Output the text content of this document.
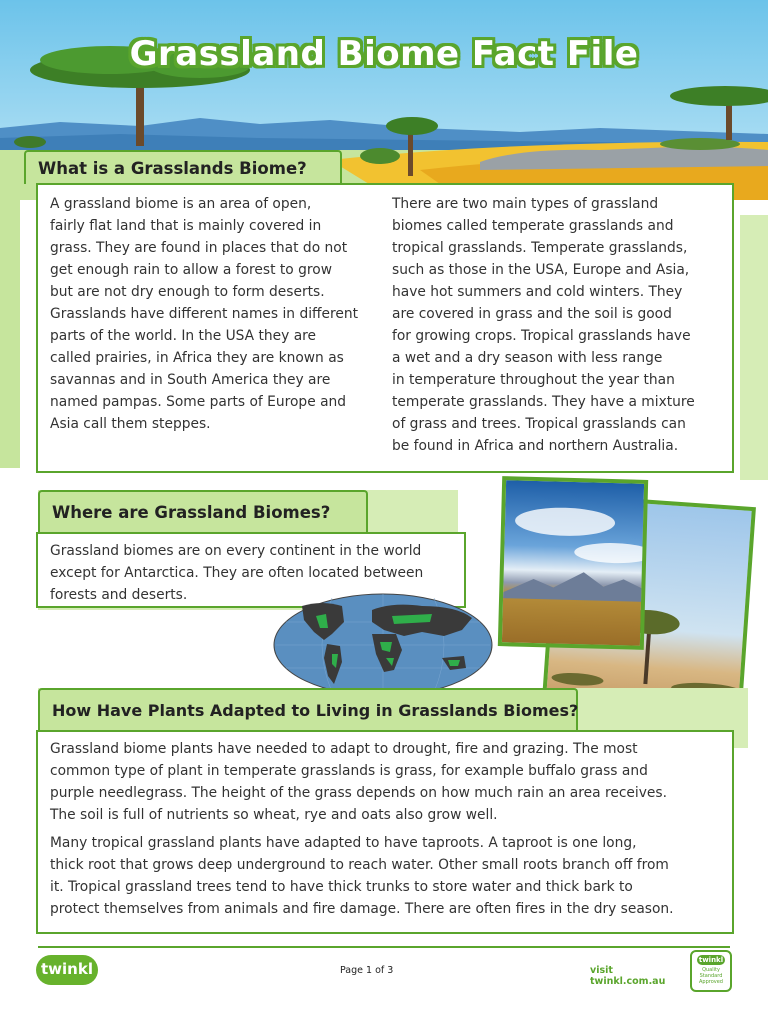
Grassland Biome Fact File
What is a Grasslands Biome?
A grassland biome is an area of open,
fairly flat land that is mainly covered in
grass. They are found in places that do not
get enough rain to allow a forest to grow
but are not dry enough to form deserts.
Grasslands have different names in different
parts of the world. In the USA they are
called prairies, in Africa they are known as
savannas and in South America they are
named pampas. Some parts of Europe and
Asia call them steppes.
There are two main types of grassland
biomes called temperate grasslands and
tropical grasslands. Temperate grasslands,
such as those in the USA, Europe and Asia,
have hot summers and cold winters. They
are covered in grass and the soil is good
for growing crops. Tropical grasslands have
a wet and a dry season with less range
in temperature throughout the year than
temperate grasslands. They have a mixture
of grass and trees. Tropical grasslands can
be found in Africa and northern Australia.
Where are Grassland Biomes?
Grassland biomes are on every continent in the world
except for Antarctica. They are often located between
forests and deserts.
How Have Plants Adapted to Living in Grasslands Biomes?
Grassland biome plants have needed to adapt to drought, fire and grazing. The most
common type of plant in temperate grasslands is grass, for example buffalo grass and
purple needlegrass. The height of the grass depends on how much rain an area receives.
The soil is full of nutrients so wheat, rye and oats also grow well.
Many tropical grassland plants have adapted to have taproots. A taproot is one long,
thick root that grows deep underground to reach water. Other small roots branch off from
it. Tropical grassland trees tend to have thick trunks to store water and thick bark to
protect themselves from animals and fire damage. There are often fires in the dry season.
twinkl	Page 1 of 3	visit twinkl.com.au
twinkl
Quality Standard
Approved
